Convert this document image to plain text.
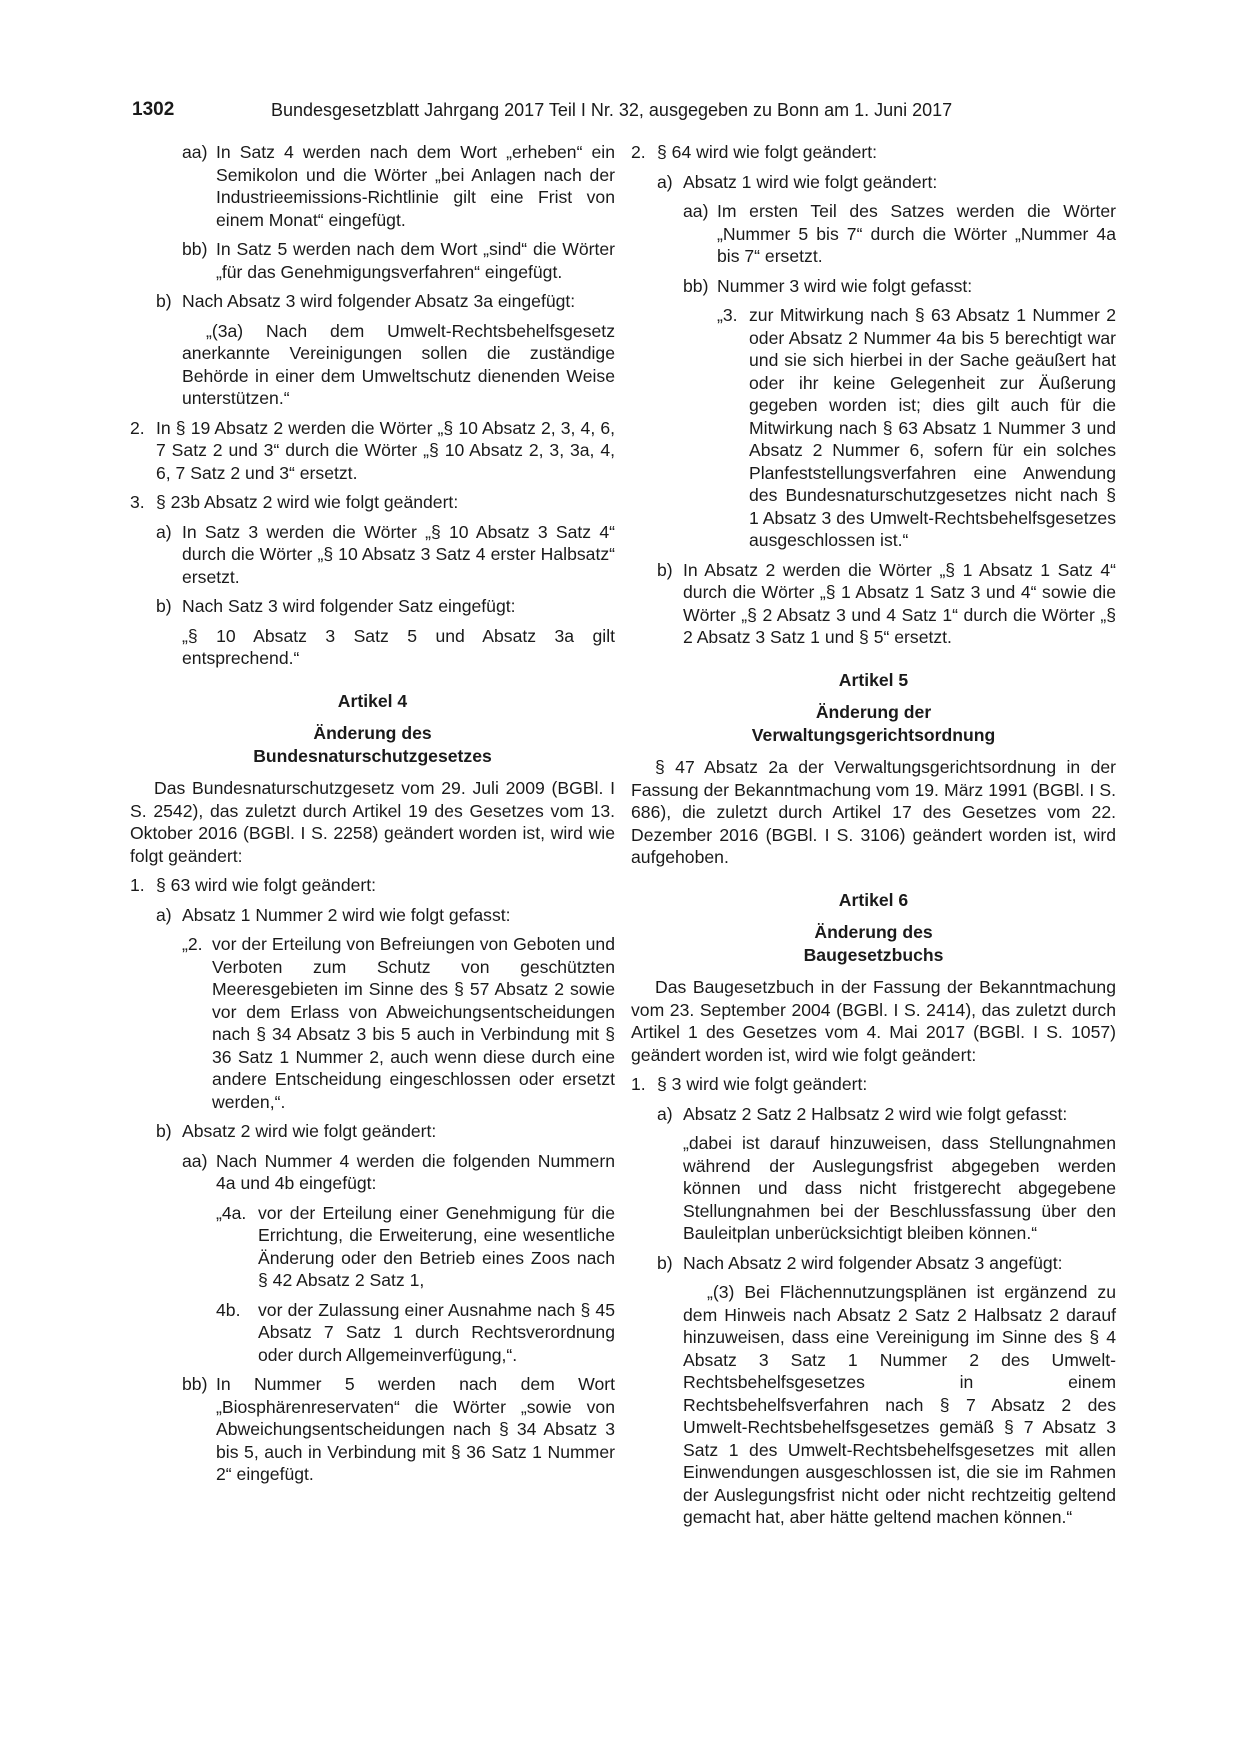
1302	Bundesgesetzblatt Jahrgang 2017 Teil I Nr. 32, ausgegeben zu Bonn am 1. Juni 2017
aa) In Satz 4 werden nach dem Wort „erheben“ ein Semikolon und die Wörter „bei Anlagen nach der Industrieemissions-Richtlinie gilt eine Frist von einem Monat“ eingefügt.
bb) In Satz 5 werden nach dem Wort „sind“ die Wörter „für das Genehmigungsverfahren“ eingefügt.
b) Nach Absatz 3 wird folgender Absatz 3a eingefügt:

„(3a) Nach dem Umwelt-Rechtsbehelfsgesetz anerkannte Vereinigungen sollen die zuständige Behörde in einer dem Umweltschutz dienenden Weise unterstützen.“

2. In § 19 Absatz 2 werden die Wörter „§ 10 Absatz 2, 3, 4, 6, 7 Satz 2 und 3“ durch die Wörter „§ 10 Absatz 2, 3, 3a, 4, 6, 7 Satz 2 und 3“ ersetzt.
3. § 23b Absatz 2 wird wie folgt geändert:
a) In Satz 3 werden die Wörter „§ 10 Absatz 3 Satz 4“ durch die Wörter „§ 10 Absatz 3 Satz 4 erster Halbsatz“ ersetzt.
b) Nach Satz 3 wird folgender Satz eingefügt:

„§ 10 Absatz 3 Satz 5 und Absatz 3a gilt entsprechend.“

Artikel 4
Änderung des
Bundesnaturschutzgesetzes

Das Bundesnaturschutzgesetz vom 29. Juli 2009 (BGBl. I S. 2542), das zuletzt durch Artikel 19 des Gesetzes vom 13. Oktober 2016 (BGBl. I S. 2258) geändert worden ist, wird wie folgt geändert:

1. § 63 wird wie folgt geändert:
a) Absatz 1 Nummer 2 wird wie folgt gefasst:
„2. vor der Erteilung von Befreiungen von Geboten und Verboten zum Schutz von geschützten Meeresgebieten im Sinne des § 57 Absatz 2 sowie vor dem Erlass von Abweichungsentscheidungen nach § 34 Absatz 3 bis 5 auch in Verbindung mit § 36 Satz 1 Nummer 2, auch wenn diese durch eine andere Entscheidung eingeschlossen oder ersetzt werden,“.
b) Absatz 2 wird wie folgt geändert:
aa) Nach Nummer 4 werden die folgenden Nummern 4a und 4b eingefügt:
„4a. vor der Erteilung einer Genehmigung für die Errichtung, die Erweiterung, eine wesentliche Änderung oder den Betrieb eines Zoos nach § 42 Absatz 2 Satz 1,
4b. vor der Zulassung einer Ausnahme nach § 45 Absatz 7 Satz 1 durch Rechtsverordnung oder durch Allgemeinverfügung,“.
bb) In Nummer 5 werden nach dem Wort „Biosphärenreservaten“ die Wörter „sowie von Abweichungsentscheidungen nach § 34 Absatz 3 bis 5, auch in Verbindung mit § 36 Satz 1 Nummer 2“ eingefügt.
2. § 64 wird wie folgt geändert:
a) Absatz 1 wird wie folgt geändert:
aa) Im ersten Teil des Satzes werden die Wörter „Nummer 5 bis 7“ durch die Wörter „Nummer 4a bis 7“ ersetzt.
bb) Nummer 3 wird wie folgt gefasst:
„3. zur Mitwirkung nach § 63 Absatz 1 Nummer 2 oder Absatz 2 Nummer 4a bis 5 berechtigt war und sie sich hierbei in der Sache geäußert hat oder ihr keine Gelegenheit zur Äußerung gegeben worden ist; dies gilt auch für die Mitwirkung nach § 63 Absatz 1 Nummer 3 und Absatz 2 Nummer 6, sofern für ein solches Planfeststellungsverfahren eine Anwendung des Bundesnaturschutzgesetzes nicht nach § 1 Absatz 3 des Umwelt-Rechtsbehelfsgesetzes ausgeschlossen ist.“
b) In Absatz 2 werden die Wörter „§ 1 Absatz 1 Satz 4“ durch die Wörter „§ 1 Absatz 1 Satz 3 und 4“ sowie die Wörter „§ 2 Absatz 3 und 4 Satz 1“ durch die Wörter „§ 2 Absatz 3 Satz 1 und § 5“ ersetzt.
Artikel 5
Änderung der
Verwaltungsgerichtsordnung

§ 47 Absatz 2a der Verwaltungsgerichtsordnung in der Fassung der Bekanntmachung vom 19. März 1991 (BGBl. I S. 686), die zuletzt durch Artikel 17 des Gesetzes vom 22. Dezember 2016 (BGBl. I S. 3106) geändert worden ist, wird aufgehoben.

Artikel 6
Änderung des
Baugesetzbuchs

Das Baugesetzbuch in der Fassung der Bekanntmachung vom 23. September 2004 (BGBl. I S. 2414), das zuletzt durch Artikel 1 des Gesetzes vom 4. Mai 2017 (BGBl. I S. 1057) geändert worden ist, wird wie folgt geändert:

1. § 3 wird wie folgt geändert:
a) Absatz 2 Satz 2 Halbsatz 2 wird wie folgt gefasst:

„dabei ist darauf hinzuweisen, dass Stellungnahmen während der Auslegungsfrist abgegeben werden können und dass nicht fristgerecht abgegebene Stellungnahmen bei der Beschlussfassung über den Bauleitplan unberücksichtigt bleiben können.“

b) Nach Absatz 2 wird folgender Absatz 3 angefügt:

„(3) Bei Flächennutzungsplänen ist ergänzend zu dem Hinweis nach Absatz 2 Satz 2 Halbsatz 2 darauf hinzuweisen, dass eine Vereinigung im Sinne des § 4 Absatz 3 Satz 1 Nummer 2 des Umwelt-Rechtsbehelfsgesetzes in einem Rechtsbehelfsverfahren nach § 7 Absatz 2 des Umwelt-Rechtsbehelfsgesetzes gemäß § 7 Absatz 3 Satz 1 des Umwelt-Rechtsbehelfsgesetzes mit allen Einwendungen ausgeschlossen ist, die sie im Rahmen der Auslegungsfrist nicht oder nicht rechtzeitig geltend gemacht hat, aber hätte geltend machen können.“
